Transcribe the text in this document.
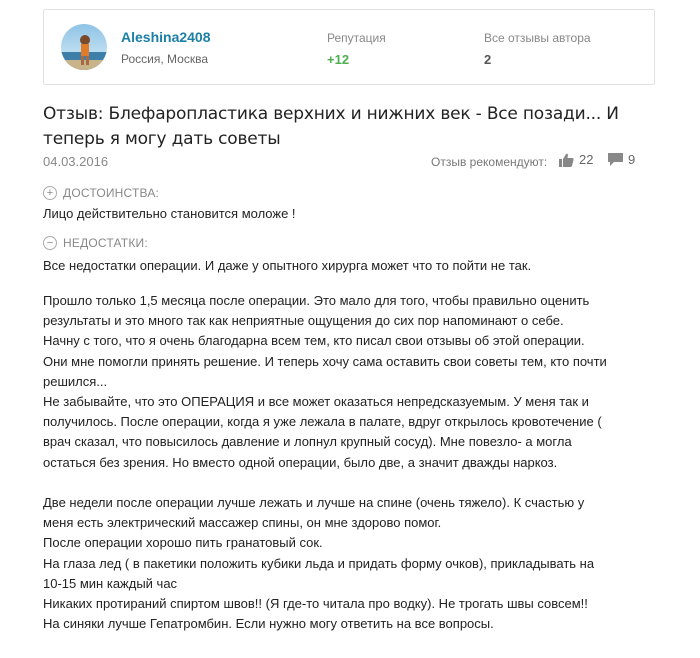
Aleshina2408
Россия, Москва
Репутация
+12
Все отзывы автора
2
Отзыв: Блефаропластика верхних и нижних век - Все позади... И теперь я могу дать советы
04.03.2016	Отзыв рекомендуют: 22	9
+ ДОСТОИНСТВА:
Лицо действительно становится моложе !
− НЕДОСТАТКИ:
Все недостатки операции. И даже у опытного хирурга может что то пойти не так.

Прошло только 1,5 месяца после операции. Это мало для того, чтобы правильно оценить

результаты и это много так как неприятные ощущения до сих пор напоминают о себе.

Начну с того, что я очень благодарна всем тем, кто писал свои отзывы об этой операции.

Они мне помогли принять решение. И теперь хочу сама оставить свои советы тем, кто почти

решился...

Не забывайте, что это ОПЕРАЦИЯ и все может оказаться непредсказуемым. У меня так и

получилось. После операции, когда я уже лежала в палате, вдруг открылось кровотечение (

врач сказал, что повысилось давление и лопнул крупный сосуд). Мне повезло- а могла

остаться без зрения. Но вместо одной операции, было две, а значит дважды наркоз.

Две недели после операции лучше лежать и лучше на спине (очень тяжело). К счастью у

меня есть электрический массажер спины, он мне здорово помог.

После операции хорошо пить гранатовый сок.

На глаза лед ( в пакетики положить кубики льда и придать форму очков), прикладывать на

10-15 мин каждый час

Никаких протираний спиртом швов!! (Я где-то читала про водку). Не трогать швы совсем!!

На синяки лучше Гепатромбин. Если нужно могу ответить на все вопросы.
